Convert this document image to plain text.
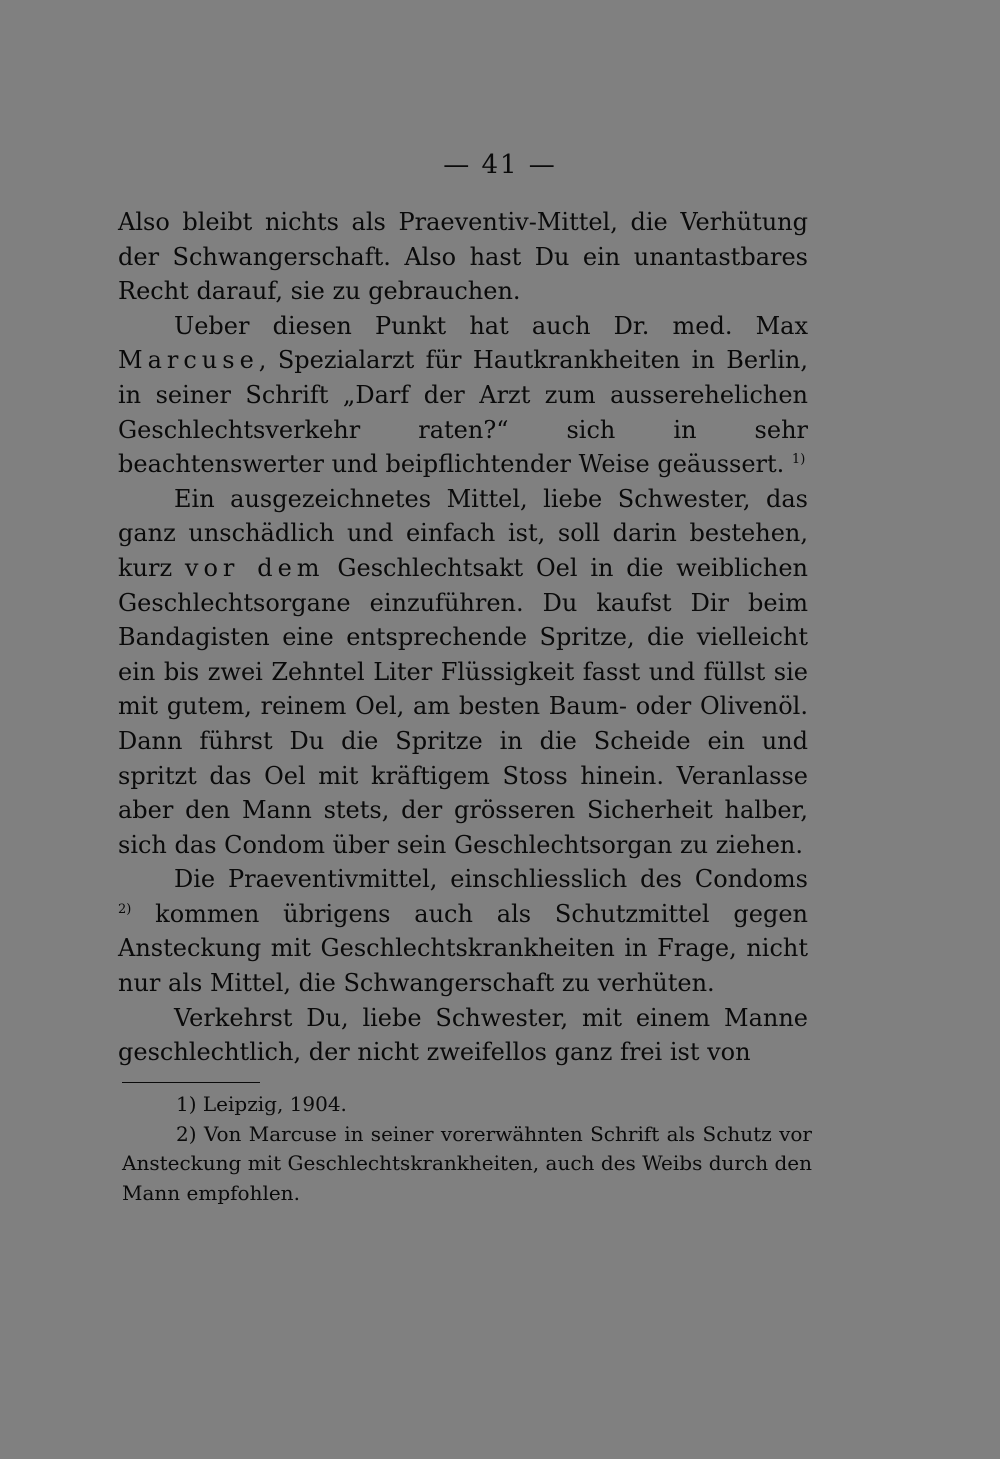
— 41 —

Also bleibt nichts als Praeventiv-Mittel, die Verhütung der Schwangerschaft. Also hast Du ein unantastbares Recht darauf, sie zu gebrauchen.

Ueber diesen Punkt hat auch Dr. med. Max Marcuse, Spezialarzt für Hautkrankheiten in Berlin, in seiner Schrift „Darf der Arzt zum ausserehelichen Geschlechtsverkehr raten?“ sich in sehr beachtenswerter und beipflichtender Weise geäussert. $^{1)}$

Ein ausgezeichnetes Mittel, liebe Schwester, das ganz unschädlich und einfach ist, soll darin bestehen, kurz vor dem Geschlechtsakt Oel in die weiblichen Geschlechtsorgane einzuführen. Du kaufst Dir beim Bandagisten eine entsprechende Spritze, die vielleicht ein bis zwei Zehntel Liter Flüssigkeit fasst und füllst sie mit gutem, reinem Oel, am besten Baum- oder Olivenöl. Dann führst Du die Spritze in die Scheide ein und spritzt das Oel mit kräftigem Stoss hinein. Veranlasse aber den Mann stets, der grösseren Sicherheit halber, sich das Condom über sein Geschlechtsorgan zu ziehen.

Die Praeventivmittel, einschliesslich des Condoms $^{2)}$ kommen übrigens auch als Schutzmittel gegen Ansteckung mit Geschlechtskrankheiten in Frage, nicht nur als Mittel, die Schwangerschaft zu verhüten.

Verkehrst Du, liebe Schwester, mit einem Manne geschlechtlich, der nicht zweifellos ganz frei ist von

1) Leipzig, 1904.

2) Von Marcuse in seiner vorerwähnten Schrift als Schutz vor Ansteckung mit Geschlechtskrankheiten, auch des Weibs durch den Mann empfohlen.
